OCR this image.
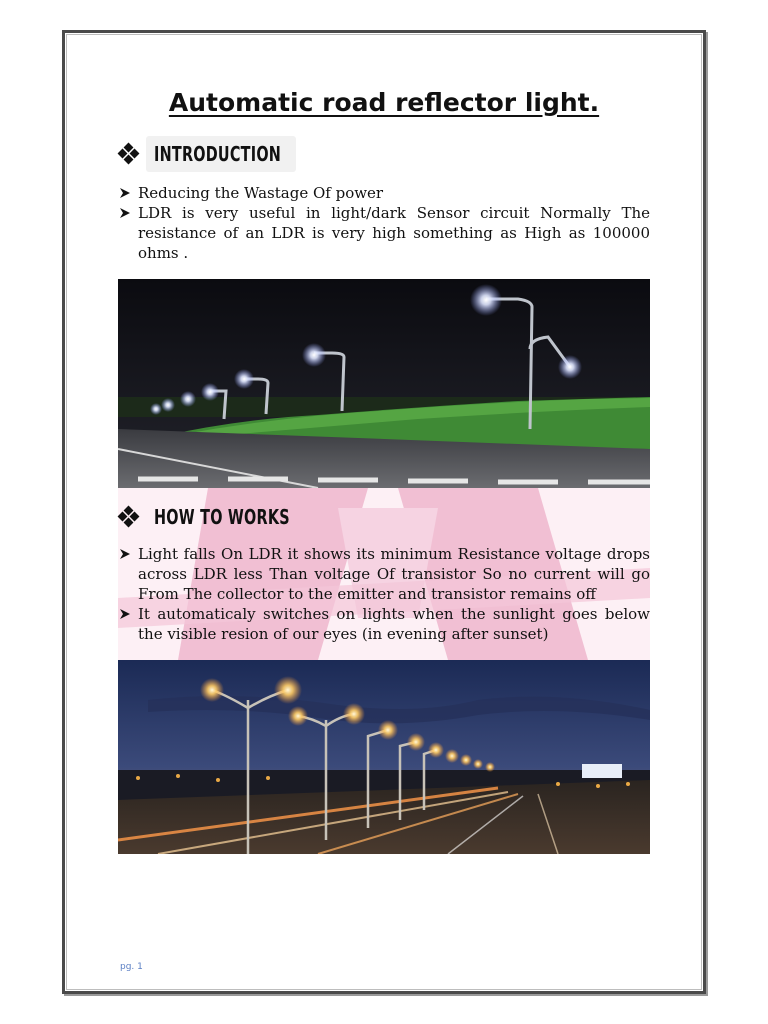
Automatic road reflector light.
INTRODUCTION
Reducing the Wastage Of power
LDR is very useful in light/dark Sensor circuit Normally The resistance of an LDR is very high something as High as 100000 ohms .
HOW TO WORKS
Light falls On LDR it shows its minimum Resistance voltage drops across LDR less Than voltage Of transistor So no current will go From The collector to the emitter and transistor remains off
It automaticaly switches on lights when the sunlight goes below the visible resion of our eyes (in evening after sunset)
pg. 1
